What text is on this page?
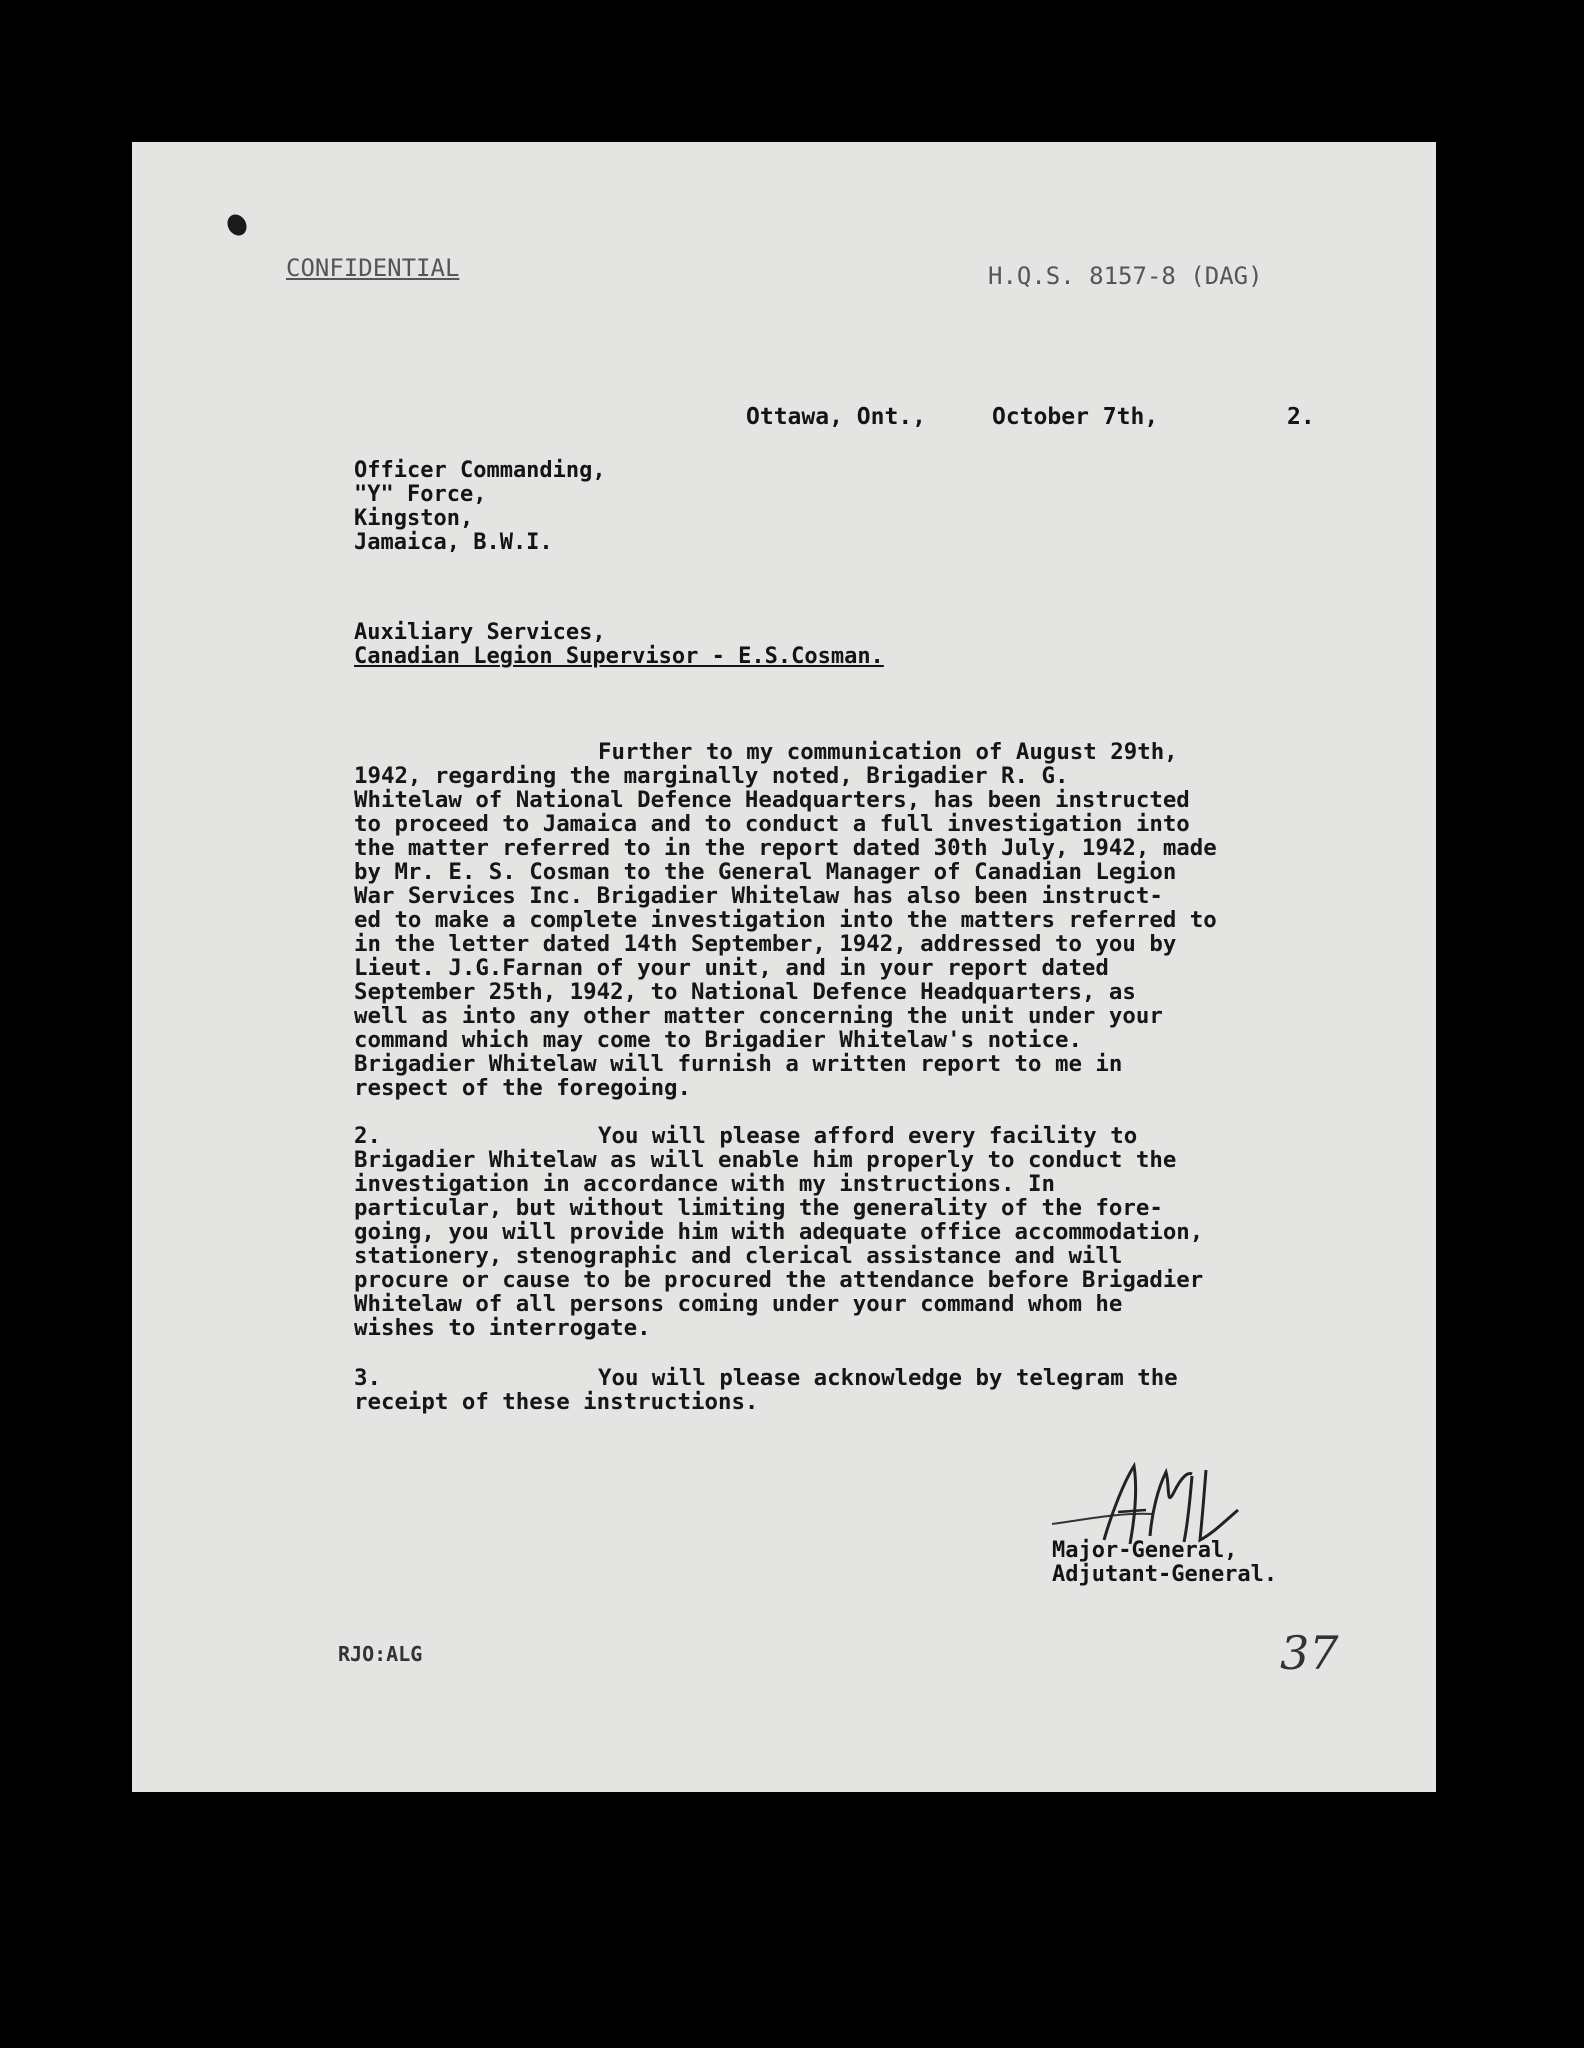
CONFIDENTIAL	H.Q.S. 8157-8 (DAG)

Ottawa, Ont.,	October 7th,	2.

Officer Commanding,

"Y" Force,

Kingston,

Jamaica, B.W.I.

Auxiliary Services,

Canadian Legion Supervisor - E.S.Cosman.

Further to my communication of August 29th,

1942, regarding the marginally noted, Brigadier R. G.

Whitelaw of National Defence Headquarters, has been instructed

to proceed to Jamaica and to conduct a full investigation into

the matter referred to in the report dated 30th July, 1942, made

by Mr. E. S. Cosman to the General Manager of Canadian Legion

War Services Inc. Brigadier Whitelaw has also been instruct-

ed to make a complete investigation into the matters referred to

in the letter dated 14th September, 1942, addressed to you by

Lieut. J.G.Farnan of your unit, and in your report dated

September 25th, 1942, to National Defence Headquarters, as

well as into any other matter concerning the unit under your

command which may come to Brigadier Whitelaw's notice.

Brigadier Whitelaw will furnish a written report to me in

respect of the foregoing.

2.	You will please afford every facility to

Brigadier Whitelaw as will enable him properly to conduct the

investigation in accordance with my instructions. In

particular, but without limiting the generality of the fore-

going, you will provide him with adequate office accommodation,

stationery, stenographic and clerical assistance and will

procure or cause to be procured the attendance before Brigadier

Whitelaw of all persons coming under your command whom he

wishes to interrogate.

3.	You will please acknowledge by telegram the

receipt of these instructions.

Major-General,

Adjutant-General.

RJO:ALG	37
